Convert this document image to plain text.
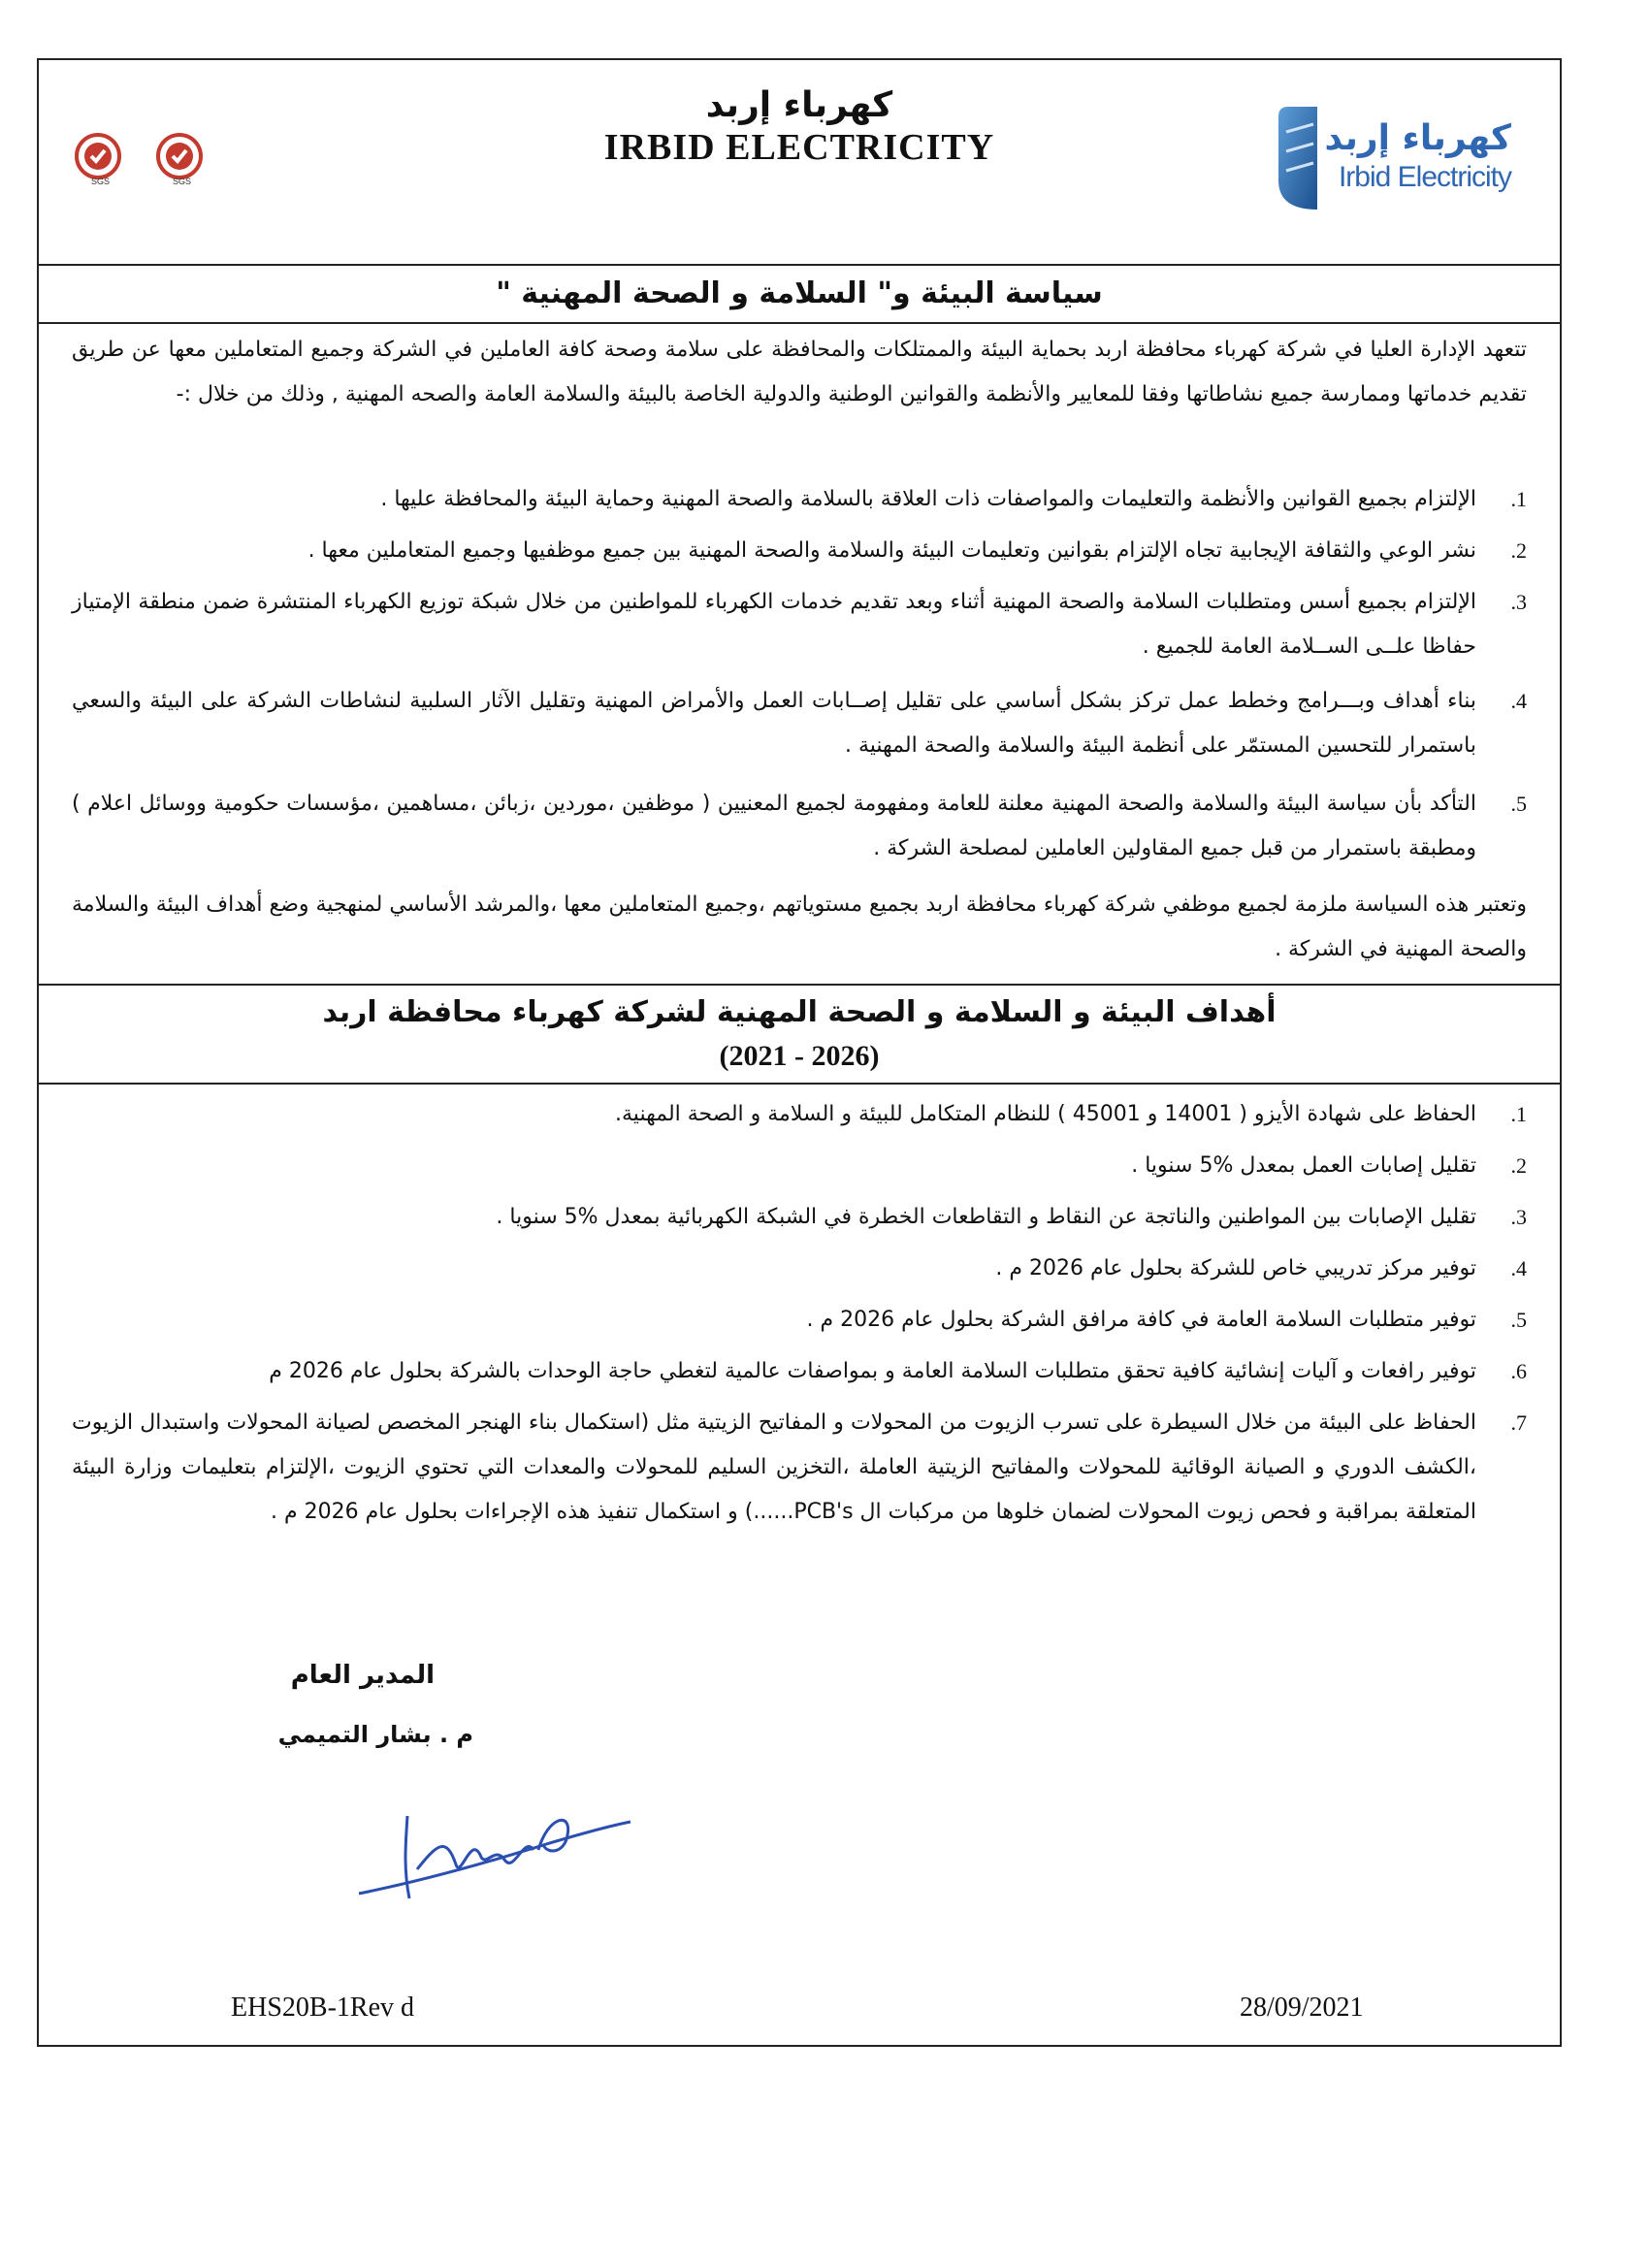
كهرباء إربد
IRBID ELECTRICITY
SGS	SGS
كهرباء إربد
Irbid Electricity
سياسة البيئة و" السلامة و الصحة المهنية "
تتعهد الإدارة العليا في شركة كهرباء محافظة اربد بحماية البيئة والممتلكات والمحافظة على سلامة وصحة كافة العاملين في الشركة وجميع المتعاملين معها عن طريق تقديم خدماتها وممارسة جميع نشاطاتها وفقا للمعايير والأنظمة والقوانين الوطنية والدولية الخاصة بالبيئة والسلامة العامة والصحه المهنية , وذلك من خلال :-
1.
الإلتزام بجميع القوانين والأنظمة والتعليمات والمواصفات ذات العلاقة بالسلامة والصحة المهنية وحماية البيئة والمحافظة عليها .
2.
نشر الوعي والثقافة الإيجابية تجاه الإلتزام بقوانين وتعليمات البيئة والسلامة والصحة المهنية بين جميع موظفيها وجميع المتعاملين معها .
3.
الإلتزام بجميع أسس ومتطلبات السلامة والصحة المهنية أثناء وبعد تقديم خدمات الكهرباء للمواطنين من خلال شبكة توزيع الكهرباء المنتشرة ضمن منطقة الإمتياز حفاظا علــى الســلامة العامة للجميع .
4.
بناء أهداف وبـــرامج وخطط عمل تركز بشكل أساسي على تقليل إصــابات العمل والأمراض المهنية وتقليل الآثار السلبية لنشاطات الشركة على البيئة والسعي باستمرار للتحسين المستمّر على أنظمة البيئة والسلامة والصحة المهنية .
5.
التأكد بأن سياسة البيئة والسلامة والصحة المهنية معلنة للعامة ومفهومة لجميع المعنيين ( موظفين ،موردين ،زبائن ،مساهمين ،مؤسسات حكومية ووسائل اعلام ) ومطبقة باستمرار من قبل جميع المقاولين العاملين لمصلحة الشركة .
وتعتبر هذه السياسة ملزمة لجميع موظفي شركة كهرباء محافظة اربد بجميع مستوياتهم ،وجميع المتعاملين معها ،والمرشد الأساسي لمنهجية وضع أهداف البيئة والسلامة والصحة المهنية في الشركة .
أهداف البيئة و السلامة و الصحة المهنية لشركة كهرباء محافظة اربد
(2026 - 2021)
1.
الحفاظ على شهادة الأيزو ( 14001 و 45001 ) للنظام المتكامل للبيئة و السلامة و الصحة المهنية.
2.
تقليل إصابات العمل بمعدل %5 سنويا .
3.
تقليل الإصابات بين المواطنين والناتجة عن النقاط و التقاطعات الخطرة في الشبكة الكهربائية بمعدل %5 سنويا .
4.
توفير مركز تدريبي خاص للشركة بحلول عام 2026 م .
5.
توفير متطلبات السلامة العامة في كافة مرافق الشركة بحلول عام 2026 م .
6.
توفير رافعات و آليات إنشائية كافية تحقق متطلبات السلامة العامة و بمواصفات عالمية لتغطي حاجة الوحدات بالشركة بحلول عام 2026 م
7.
الحفاظ على البيئة من خلال السيطرة على تسرب الزيوت من المحولات و المفاتيح الزيتية مثل (استكمال بناء الهنجر المخصص لصيانة المحولات واستبدال الزيوت ،الكشف الدوري و الصيانة الوقائية للمحولات والمفاتيح الزيتية العاملة ،التخزين السليم للمحولات والمعدات التي تحتوي الزيوت ،الإلتزام بتعليمات وزارة البيئة المتعلقة بمراقبة و فحص زيوت المحولات لضمان خلوها من مركبات ال PCB's......) و استكمال تنفيذ هذه الإجراءات بحلول عام 2026 م .
المدير العام
م . بشار التميمي
EHS20B-1Rev d	28/09/2021
